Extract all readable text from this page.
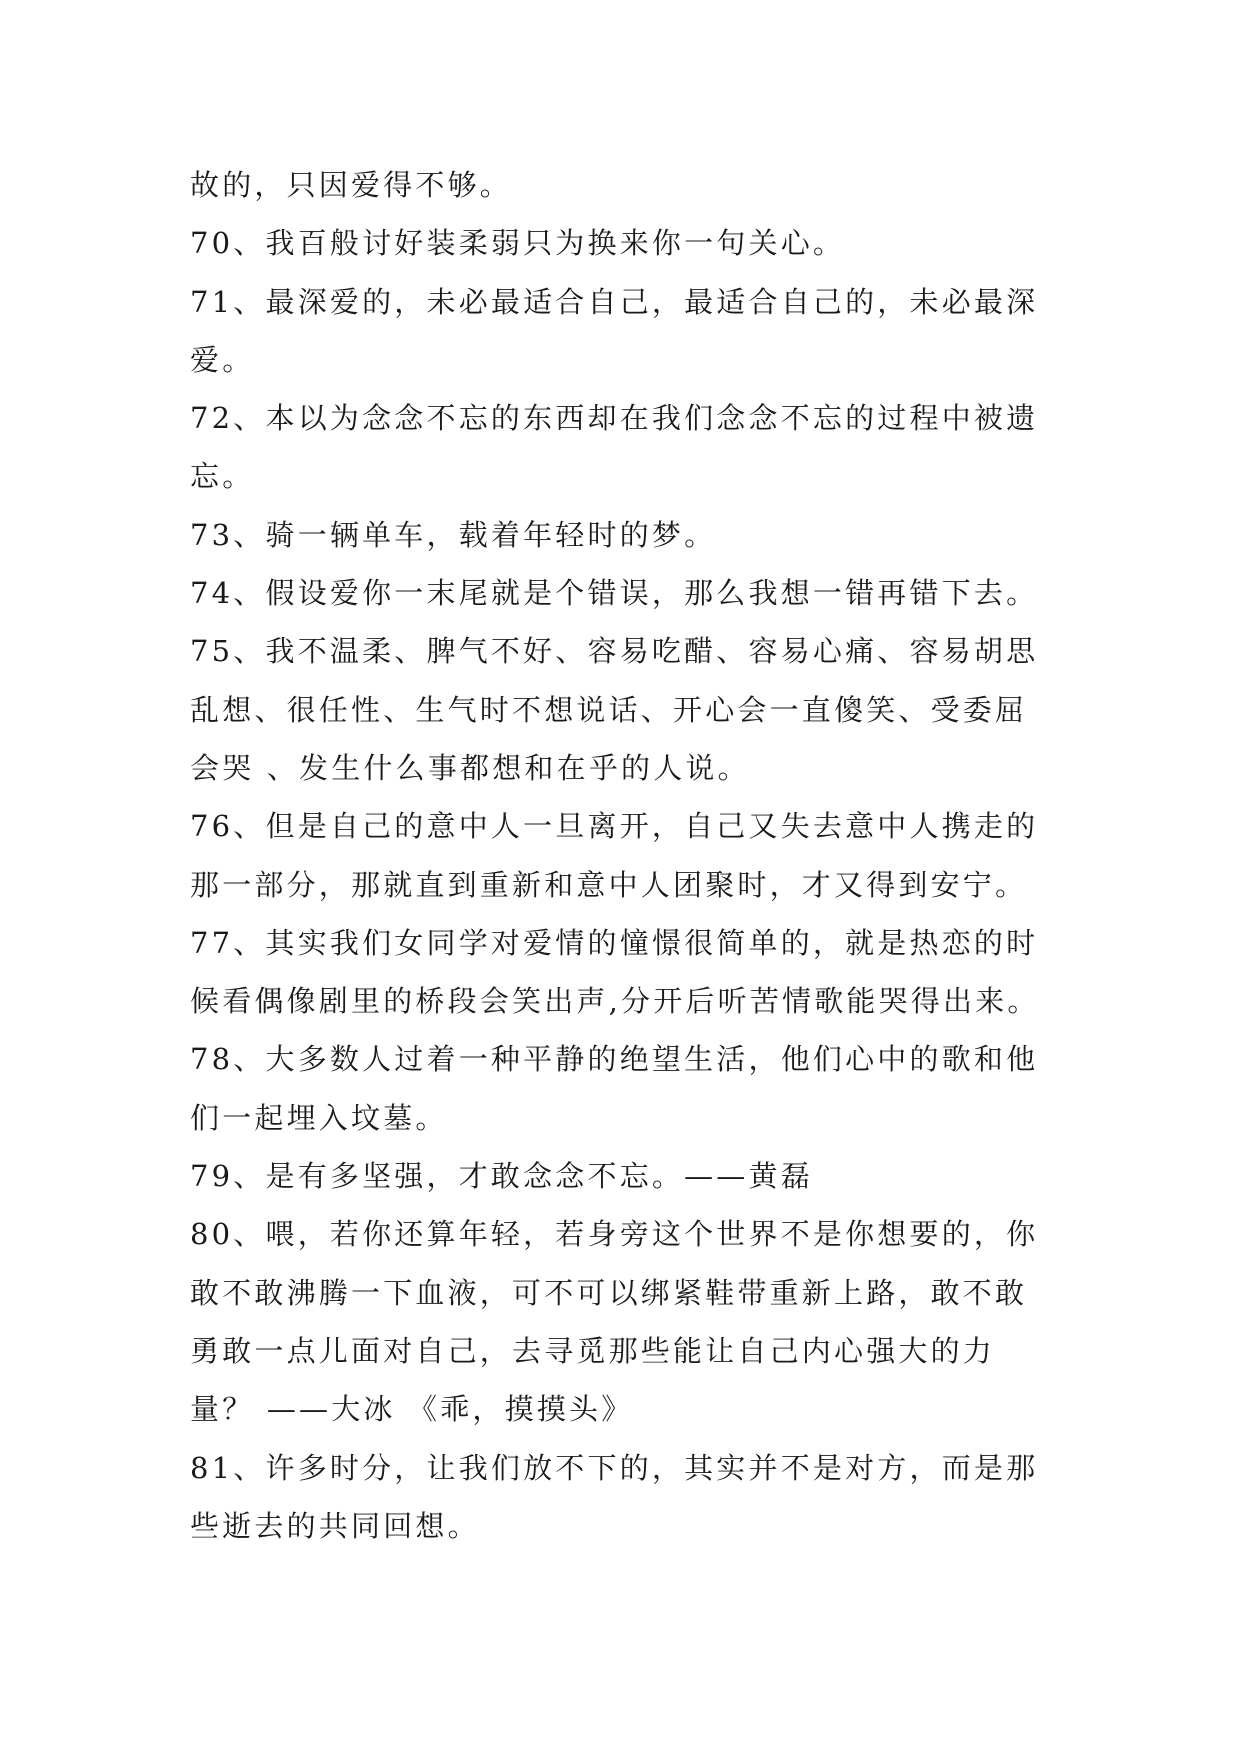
故的，只因爱得不够。
70、我百般讨好装柔弱只为换来你一句关心。
71、最深爱的，未必最适合自己，最适合自己的，未必最深
爱。
72、本以为念念不忘的东西却在我们念念不忘的过程中被遗
忘。
73、骑一辆单车，载着年轻时的梦。
74、假设爱你一末尾就是个错误，那么我想一错再错下去。
75、我不温柔、脾气不好、容易吃醋、容易心痛、容易胡思
乱想、很任性、生气时不想说话、开心会一直傻笑、受委屈
会哭 、发生什么事都想和在乎的人说。
76、但是自己的意中人一旦离开，自己又失去意中人携走的
那一部分，那就直到重新和意中人团聚时，才又得到安宁。
77、其实我们女同学对爱情的憧憬很简单的，就是热恋的时
候看偶像剧里的桥段会笑出声,分开后听苦情歌能哭得出来。
78、大多数人过着一种平静的绝望生活，他们心中的歌和他
们一起埋入坟墓。
79、是有多坚强，才敢念念不忘。——黄磊
80、喂，若你还算年轻，若身旁这个世界不是你想要的，你
敢不敢沸腾一下血液，可不可以绑紧鞋带重新上路，敢不敢
勇敢一点儿面对自己，去寻觅那些能让自己内心强大的力
量？ ——大冰 《乖，摸摸头》
81、许多时分，让我们放不下的，其实并不是对方，而是那
些逝去的共同回想。
